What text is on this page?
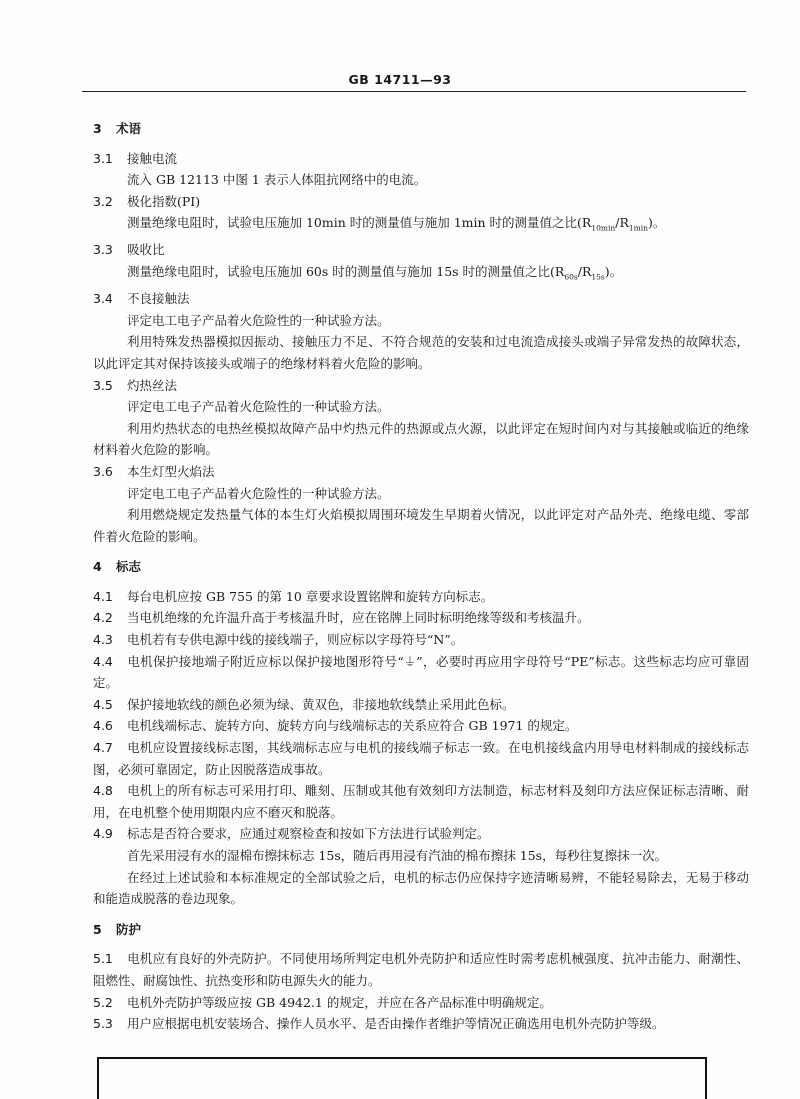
GB 14711—93
3 术语
3.1 接触电流
流入 GB 12113 中图 1 表示人体阻抗网络中的电流。
3.2 极化指数(PI)
测量绝缘电阻时，试验电压施加 10min 时的测量值与施加 1min 时的测量值之比$(R_{10min}/R_{1min})$。
3.3 吸收比
测量绝缘电阻时，试验电压施加 60s 时的测量值与施加 15s 时的测量值之比$(R_{60s}/R_{15s})$。
3.4 不良接触法
评定电工电子产品着火危险性的一种试验方法。
利用特殊发热器模拟因振动、接触压力不足、不符合规范的安装和过电流造成接头或端子异常发热的故障状态，以此评定其对保持该接头或端子的绝缘材料着火危险的影响。
3.5 灼热丝法
评定电工电子产品着火危险性的一种试验方法。
利用灼热状态的电热丝模拟故障产品中灼热元件的热源或点火源，以此评定在短时间内对与其接触或临近的绝缘材料着火危险的影响。
3.6 本生灯型火焰法
评定电工电子产品着火危险性的一种试验方法。
利用燃烧规定发热量气体的本生灯火焰模拟周围环境发生早期着火情况，以此评定对产品外壳、绝缘电缆、零部件着火危险的影响。
4 标志
4.1 每台电机应按 GB 755 的第 10 章要求设置铭牌和旋转方向标志。
4.2 当电机绝缘的允许温升高于考核温升时，应在铭牌上同时标明绝缘等级和考核温升。
4.3 电机若有专供电源中线的接线端子，则应标以字母符号“N”。
4.4 电机保护接地端子附近应标以保护接地图形符号“⏚”，必要时再应用字母符号“PE”标志。这些标志均应可靠固定。
4.5 保护接地软线的颜色必须为绿、黄双色，非接地软线禁止采用此色标。
4.6 电机线端标志、旋转方向、旋转方向与线端标志的关系应符合 GB 1971 的规定。
4.7 电机应设置接线标志图，其线端标志应与电机的接线端子标志一致。在电机接线盒内用导电材料制成的接线标志图，必须可靠固定，防止因脱落造成事故。
4.8 电机上的所有标志可采用打印、雕刻、压制或其他有效刻印方法制造，标志材料及刻印方法应保证标志清晰、耐用，在电机整个使用期限内应不磨灭和脱落。
4.9 标志是否符合要求，应通过观察检查和按如下方法进行试验判定。
首先采用浸有水的湿棉布擦抹标志 15s，随后再用浸有汽油的棉布擦抹 15s，每秒往复擦抹一次。
在经过上述试验和本标准规定的全部试验之后，电机的标志仍应保持字迹清晰易辨，不能轻易除去，无易于移动和能造成脱落的卷边现象。
5 防护
5.1 电机应有良好的外壳防护。不同使用场所判定电机外壳防护和适应性时需考虑机械强度、抗冲击能力、耐潮性、阻燃性、耐腐蚀性、抗热变形和防电源失火的能力。
5.2 电机外壳防护等级应按 GB 4942.1 的规定，并应在各产品标准中明确规定。
5.3 用户应根据电机安装场合、操作人员水平、是否由操作者维护等情况正确选用电机外壳防护等级。
